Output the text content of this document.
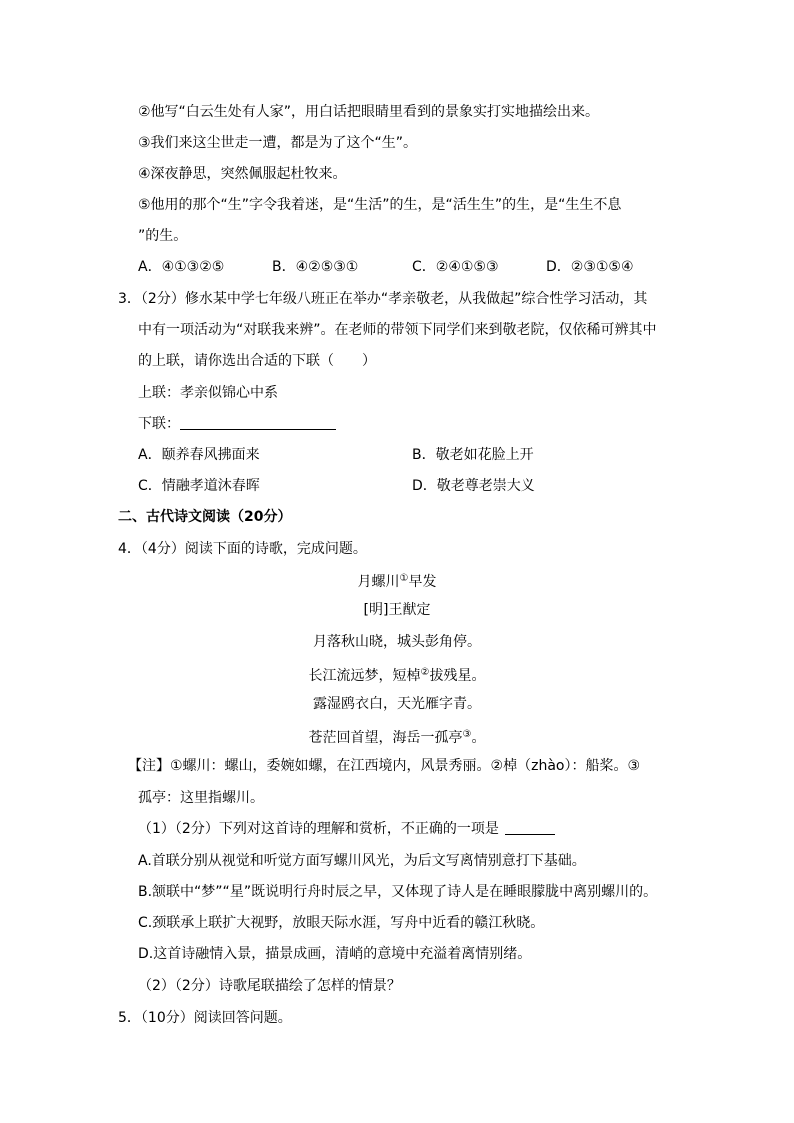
②他写“白云生处有人家”，用白话把眼睛里看到的景象实打实地描绘出来。
③我们来这尘世走一遭，都是为了这个“生”。
④深夜静思，突然佩服起杜牧来。
⑤他用的那个“生”字令我着迷，是“生活”的生，是“活生生”的生，是“生生不息
”的生。
A．④①③②⑤	B．④②⑤③①	C．②④①⑤③	D．②③①⑤④
3．（2分）修水某中学七年级八班正在举办“孝亲敬老，从我做起”综合性学习活动，其
中有一项活动为“对联我来辨”。在老师的带领下同学们来到敬老院，仅依稀可辨其中
的上联，请你选出合适的下联（　　）
上联：孝亲似锦心中系
下联：
A．颐养春风拂面来	B．敬老如花脸上开
C．情融孝道沐春晖	D．敬老尊老崇大义
二、古代诗文阅读（20分）
4．（4分）阅读下面的诗歌，完成问题。
月螺川①早发
[明]王猷定
月落秋山晓，城头彭角停。
长江流远梦，短棹②拔残星。
露湿鸥衣白，天光雁字青。
苍茫回首望，海岳一孤亭③。
【注】①螺川：螺山，委婉如螺，在江西境内，风景秀丽。②棹（zhào）：船桨。③
孤亭：这里指螺川。
（1）（2分）下列对这首诗的理解和赏析，不正确的一项是
A.首联分别从视觉和听觉方面写螺川风光，为后文写离情别意打下基础。
B.颔联中“梦”“星”既说明行舟时辰之早，又体现了诗人是在睡眼朦胧中离别螺川的。
C.颈联承上联扩大视野，放眼天际水涯，写舟中近看的赣江秋晓。
D.这首诗融情入景，描景成画，清峭的意境中充溢着离情别绪。
（2）（2分）诗歌尾联描绘了怎样的情景？
5．（10分）阅读回答问题。
